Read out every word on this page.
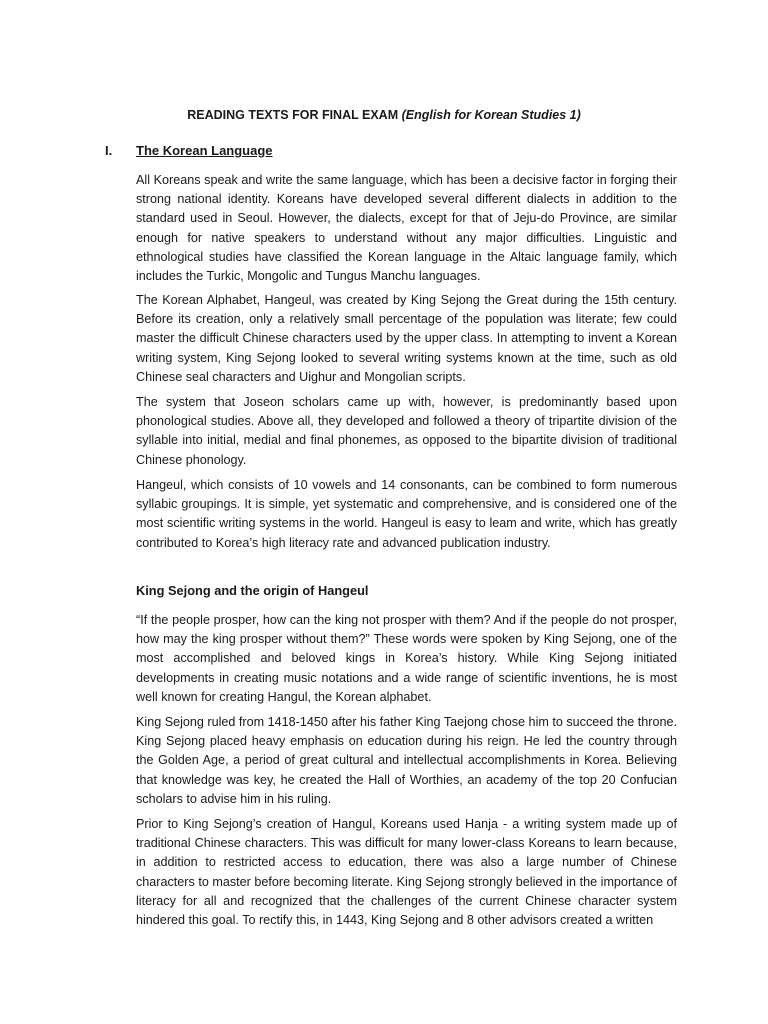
READING TEXTS FOR FINAL EXAM (English for Korean Studies 1)
I. The Korean Language

All Koreans speak and write the same language, which has been a decisive factor in forging their strong national identity. Koreans have developed several different dialects in addition to the standard used in Seoul. However, the dialects, except for that of Jeju-do Province, are similar enough for native speakers to understand without any major difficulties. Linguistic and ethnological studies have classified the Korean language in the Altaic language family, which includes the Turkic, Mongolic and Tungus Manchu languages.

The Korean Alphabet, Hangeul, was created by King Sejong the Great during the 15th century. Before its creation, only a relatively small percentage of the population was literate; few could master the difficult Chinese characters used by the upper class. In attempting to invent a Korean writing system, King Sejong looked to several writing systems known at the time, such as old Chinese seal characters and Uighur and Mongolian scripts.

The system that Joseon scholars came up with, however, is predominantly based upon phonological studies. Above all, they developed and followed a theory of tripartite division of the syllable into initial, medial and final phonemes, as opposed to the bipartite division of traditional Chinese phonology.

Hangeul, which consists of 10 vowels and 14 consonants, can be combined to form numerous syllabic groupings. It is simple, yet systematic and comprehensive, and is considered one of the most scientific writing systems in the world. Hangeul is easy to leam and write, which has greatly contributed to Korea’s high literacy rate and advanced publication industry.

King Sejong and the origin of Hangeul

“If the people prosper, how can the king not prosper with them? And if the people do not prosper, how may the king prosper without them?” These words were spoken by King Sejong, one of the most accomplished and beloved kings in Korea’s history. While King Sejong initiated developments in creating music notations and a wide range of scientific inventions, he is most well known for creating Hangul, the Korean alphabet.

King Sejong ruled from 1418-1450 after his father King Taejong chose him to succeed the throne. King Sejong placed heavy emphasis on education during his reign. He led the country through the Golden Age, a period of great cultural and intellectual accomplishments in Korea. Believing that knowledge was key, he created the Hall of Worthies, an academy of the top 20 Confucian scholars to advise him in his ruling.

Prior to King Sejong’s creation of Hangul, Koreans used Hanja - a writing system made up of traditional Chinese characters. This was difficult for many lower-class Koreans to learn because, in addition to restricted access to education, there was also a large number of Chinese characters to master before becoming literate. King Sejong strongly believed in the importance of literacy for all and recognized that the challenges of the current Chinese character system hindered this goal. To rectify this, in 1443, King Sejong and 8 other advisors created a written
